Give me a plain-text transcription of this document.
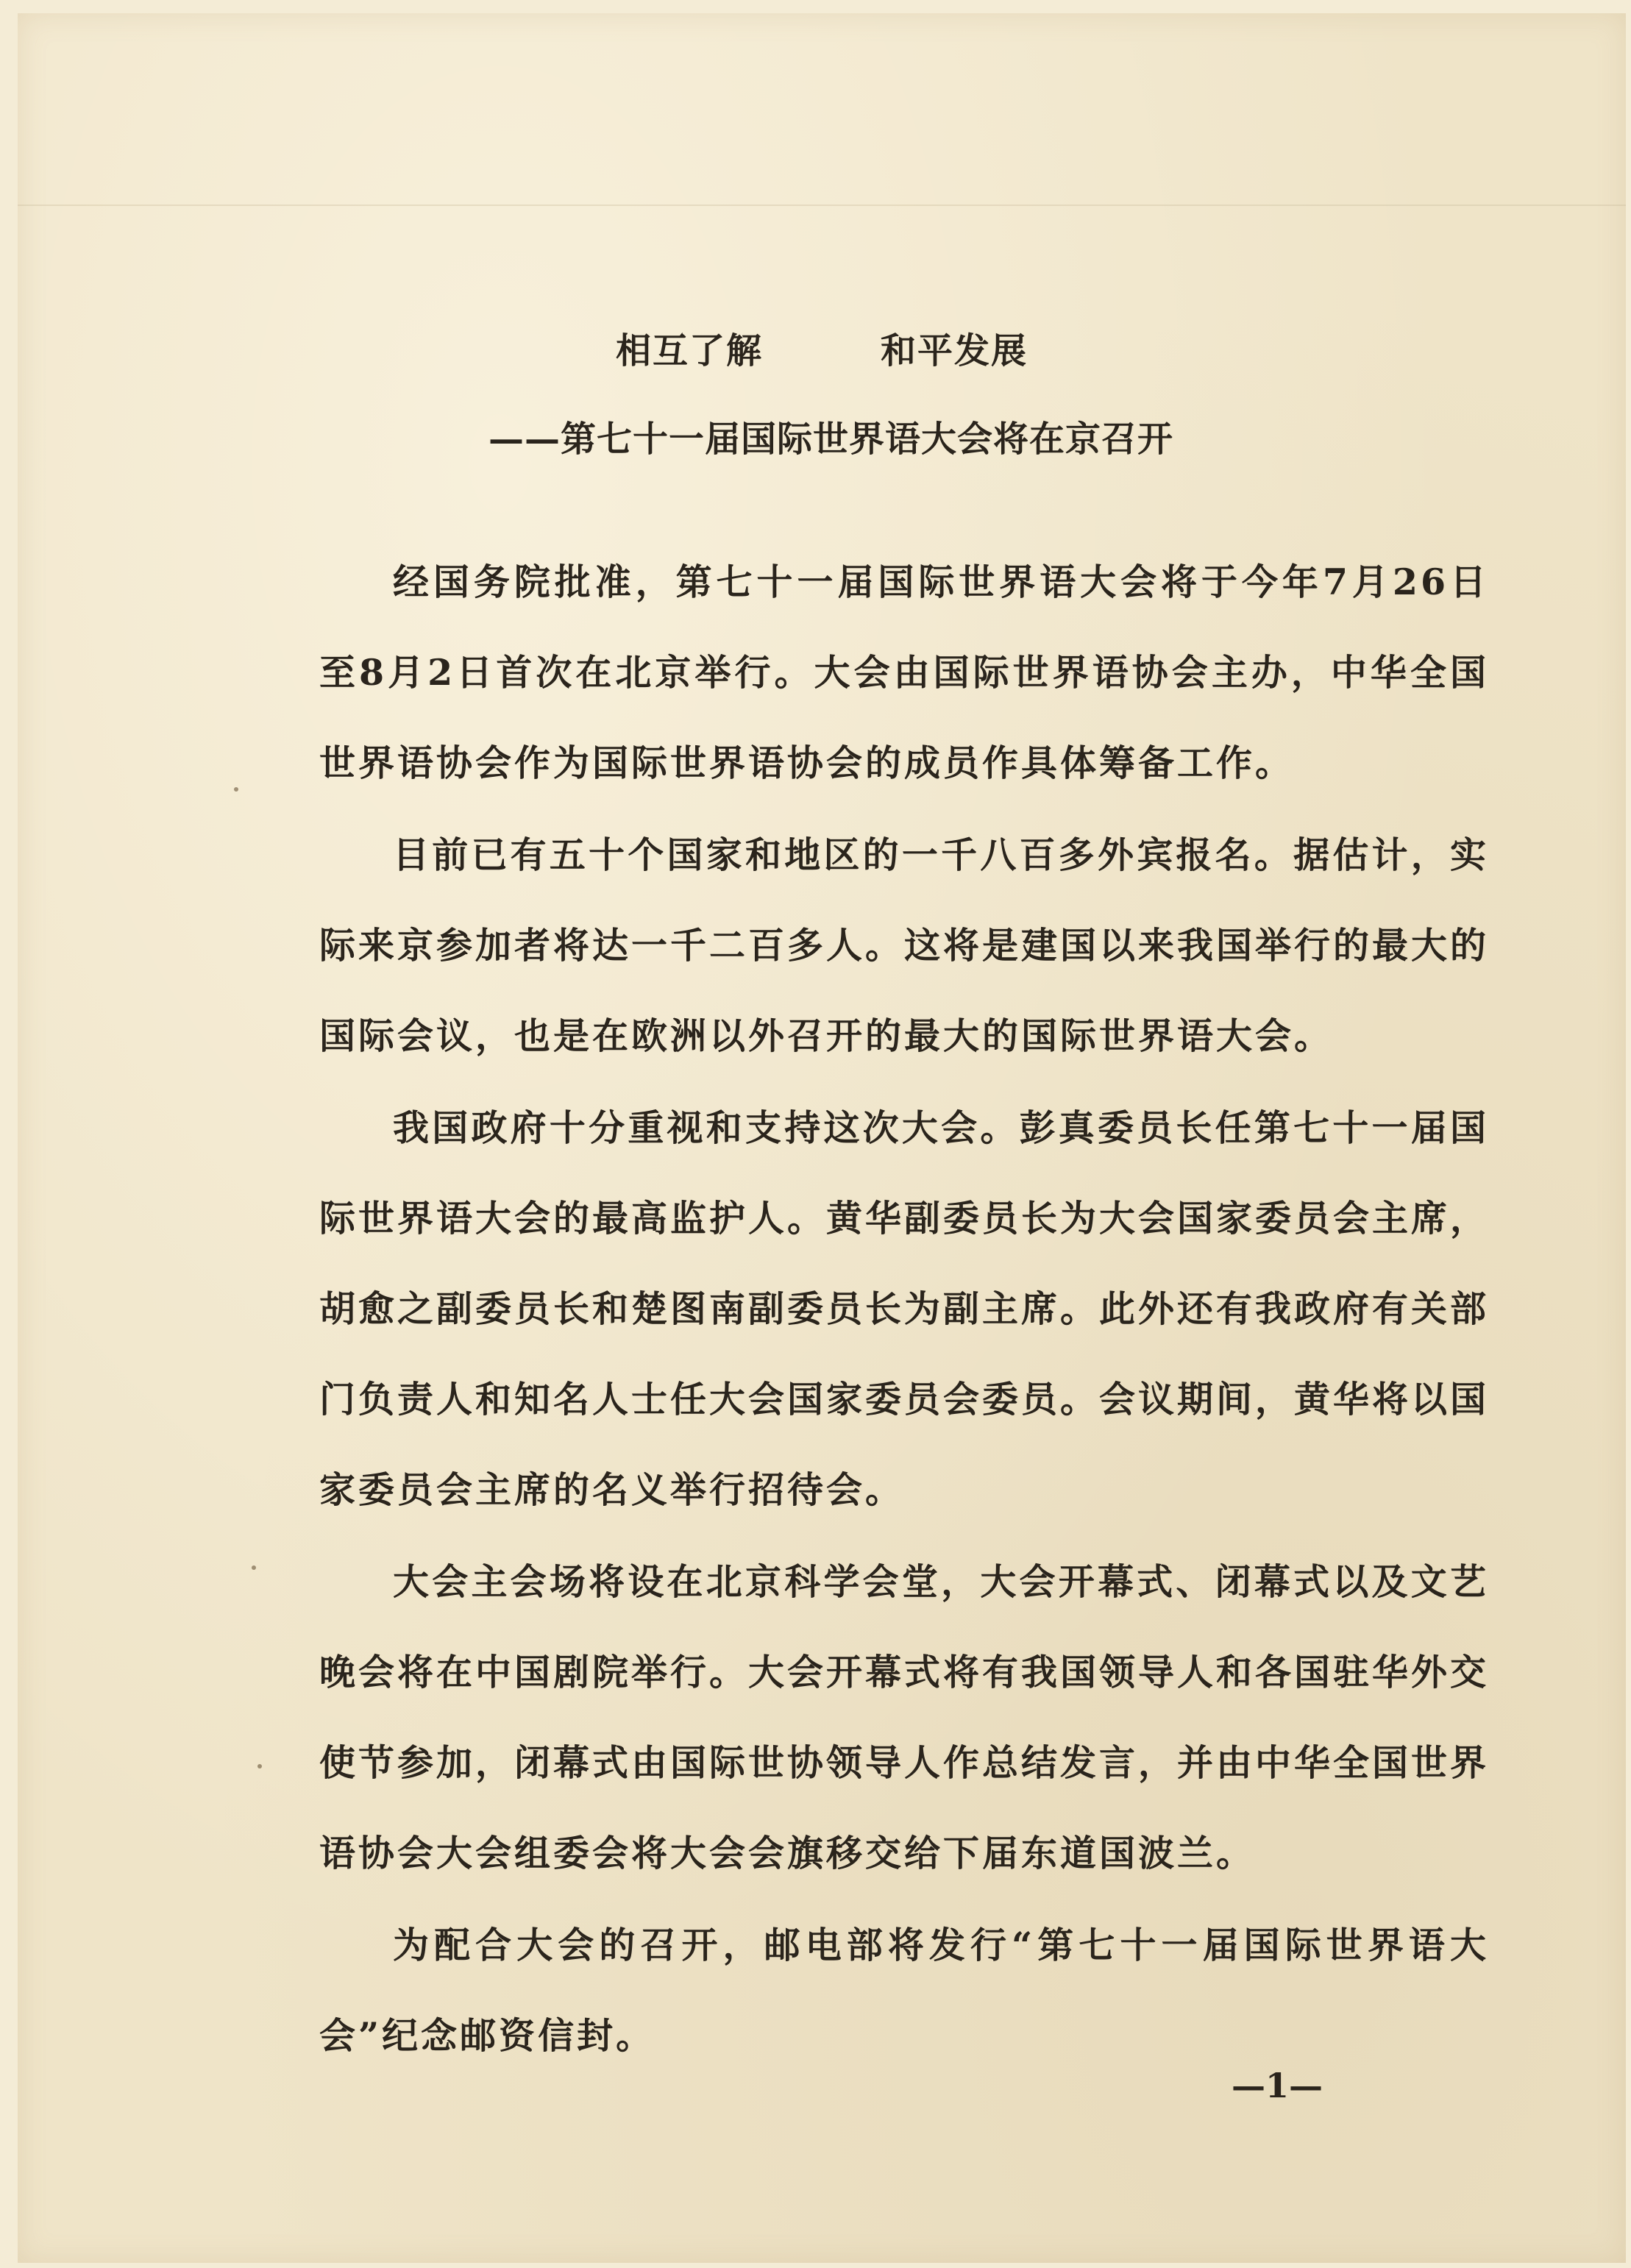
相互了解	和平发展
——第七十一届国际世界语大会将在京召开

经国务院批准，第七十一届国际世界语大会将于今年7月26日至8月2日首次在北京举行。大会由国际世界语协会主办，中华全国世界语协会作为国际世界语协会的成员作具体筹备工作。

目前已有五十个国家和地区的一千八百多外宾报名。据估计，实际来京参加者将达一千二百多人。这将是建国以来我国举行的最大的国际会议，也是在欧洲以外召开的最大的国际世界语大会。

我国政府十分重视和支持这次大会。彭真委员长任第七十一届国际世界语大会的最高监护人。黄华副委员长为大会国家委员会主席，胡愈之副委员长和楚图南副委员长为副主席。此外还有我政府有关部门负责人和知名人士任大会国家委员会委员。会议期间，黄华将以国家委员会主席的名义举行招待会。

大会主会场将设在北京科学会堂，大会开幕式、闭幕式以及文艺晚会将在中国剧院举行。大会开幕式将有我国领导人和各国驻华外交使节参加，闭幕式由国际世协领导人作总结发言，并由中华全国世界语协会大会组委会将大会会旗移交给下届东道国波兰。

为配合大会的召开，邮电部将发行“第七十一届国际世界语大会”纪念邮资信封。

—1—
